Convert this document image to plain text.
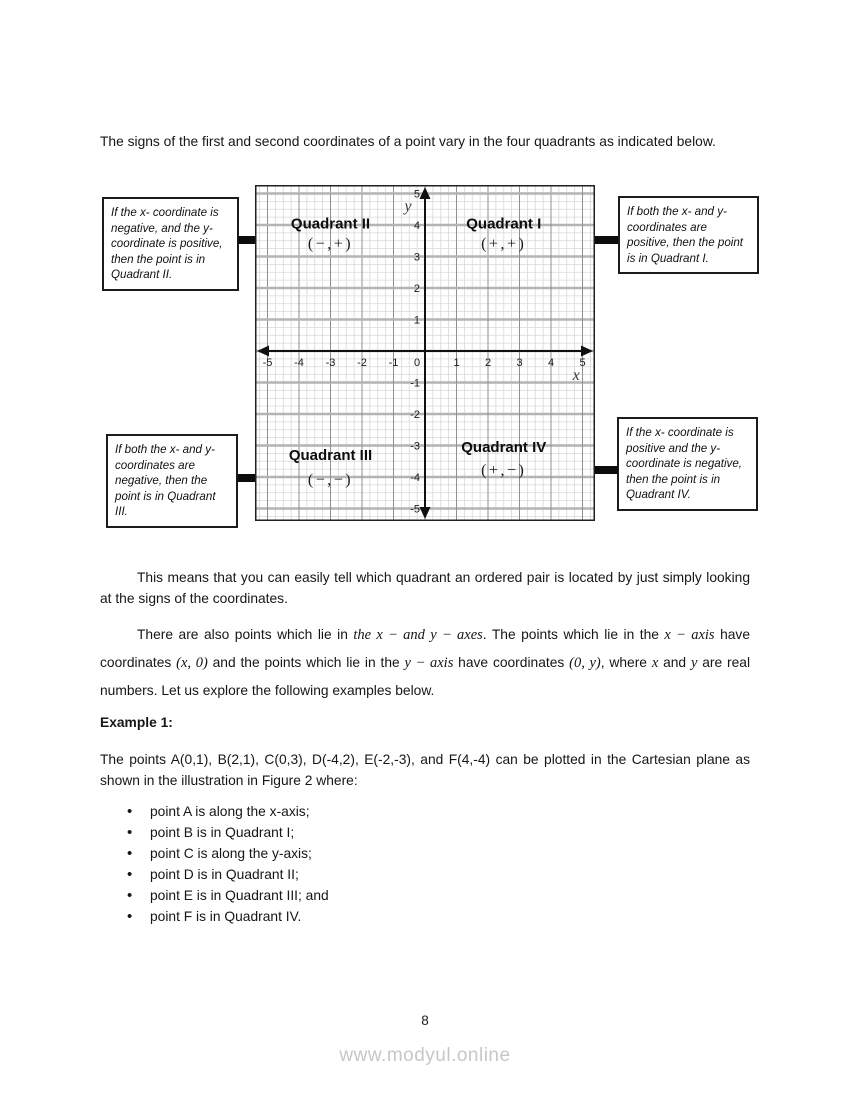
The signs of the first and second coordinates of a point vary in the four quadrants as indicated below.

If the x- coordinate is negative, and the y-coordinate is positive, then the point is in Quadrant II.
If both the x- and y-coordinates are positive, then the point is in Quadrant I.
If both the x- and y-coordinates are negative, then the point is in Quadrant III.
If the x- coordinate is positive and the y-coordinate is negative, then the point is in Quadrant IV.
-5 -4 -3 -2 -1 0	1 2 3 4 5
5
4
3
2
1
-1
-2
-3
-4
-5
y
x
Quadrant II
(−,+)
Quadrant I
(+,+)
Quadrant III
(−,−)
Quadrant IV
(+,−)

This means that you can easily tell which quadrant an ordered pair is located by just simply looking at the signs of the coordinates.

There are also points which lie in the x − and y − axes. The points which lie in the x − axis have coordinates (x, 0) and the points which lie in the y − axis have coordinates (0, y), where x and y are real numbers. Let us explore the following examples below.

Example 1:

The points A(0,1), B(2,1), C(0,3), D(-4,2), E(-2,-3), and F(4,-4) can be plotted in the Cartesian plane as shown in the illustration in Figure 2 where:

• point A is along the x-axis;
• point B is in Quadrant I;
• point C is along the y-axis;
• point D is in Quadrant II;
• point E is in Quadrant III; and
• point F is in Quadrant IV.
8
www.modyul.online
